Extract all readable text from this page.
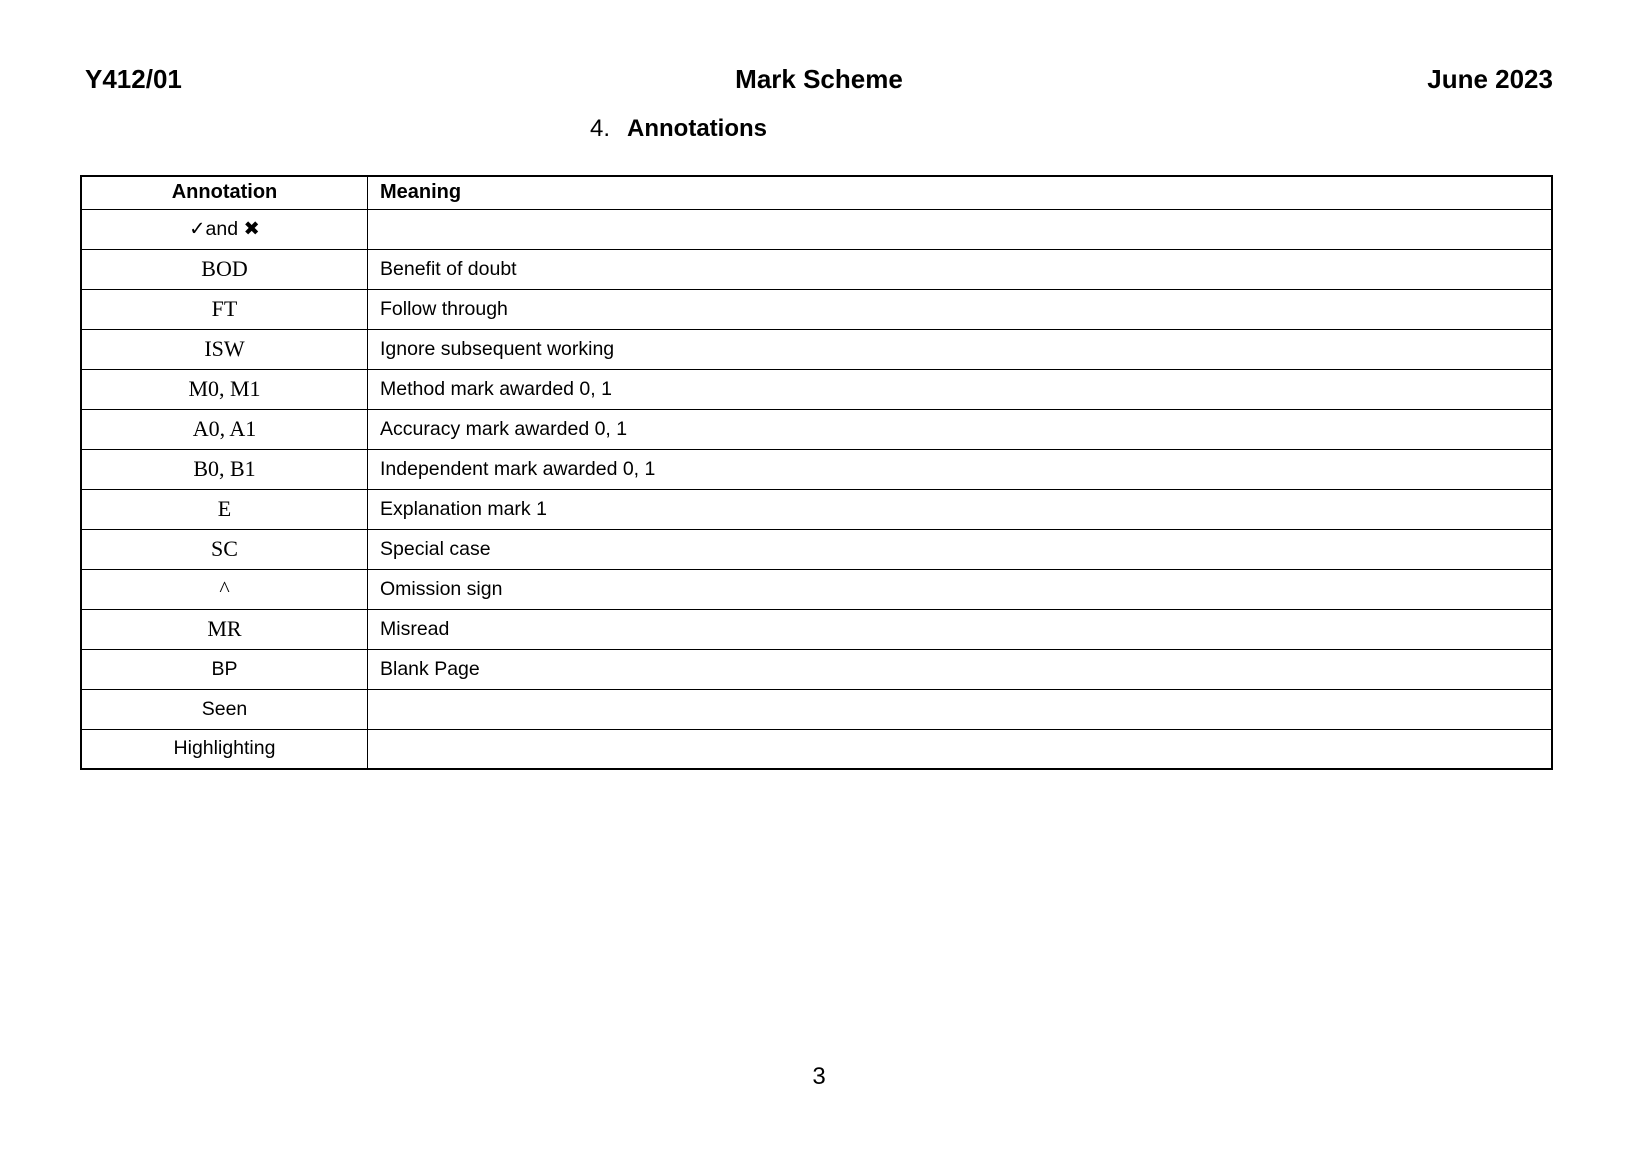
Y412/01	Mark Scheme	June 2023
4. Annotations
Annotation	Meaning
✓and ✖	
BOD	Benefit of doubt
FT	Follow through
ISW	Ignore subsequent working
M0, M1	Method mark awarded 0, 1
A0, A1	Accuracy mark awarded 0, 1
B0, B1	Independent mark awarded 0, 1
E	Explanation mark 1
SC	Special case
^	Omission sign
MR	Misread
BP	Blank Page
Seen	
Highlighting	
3
